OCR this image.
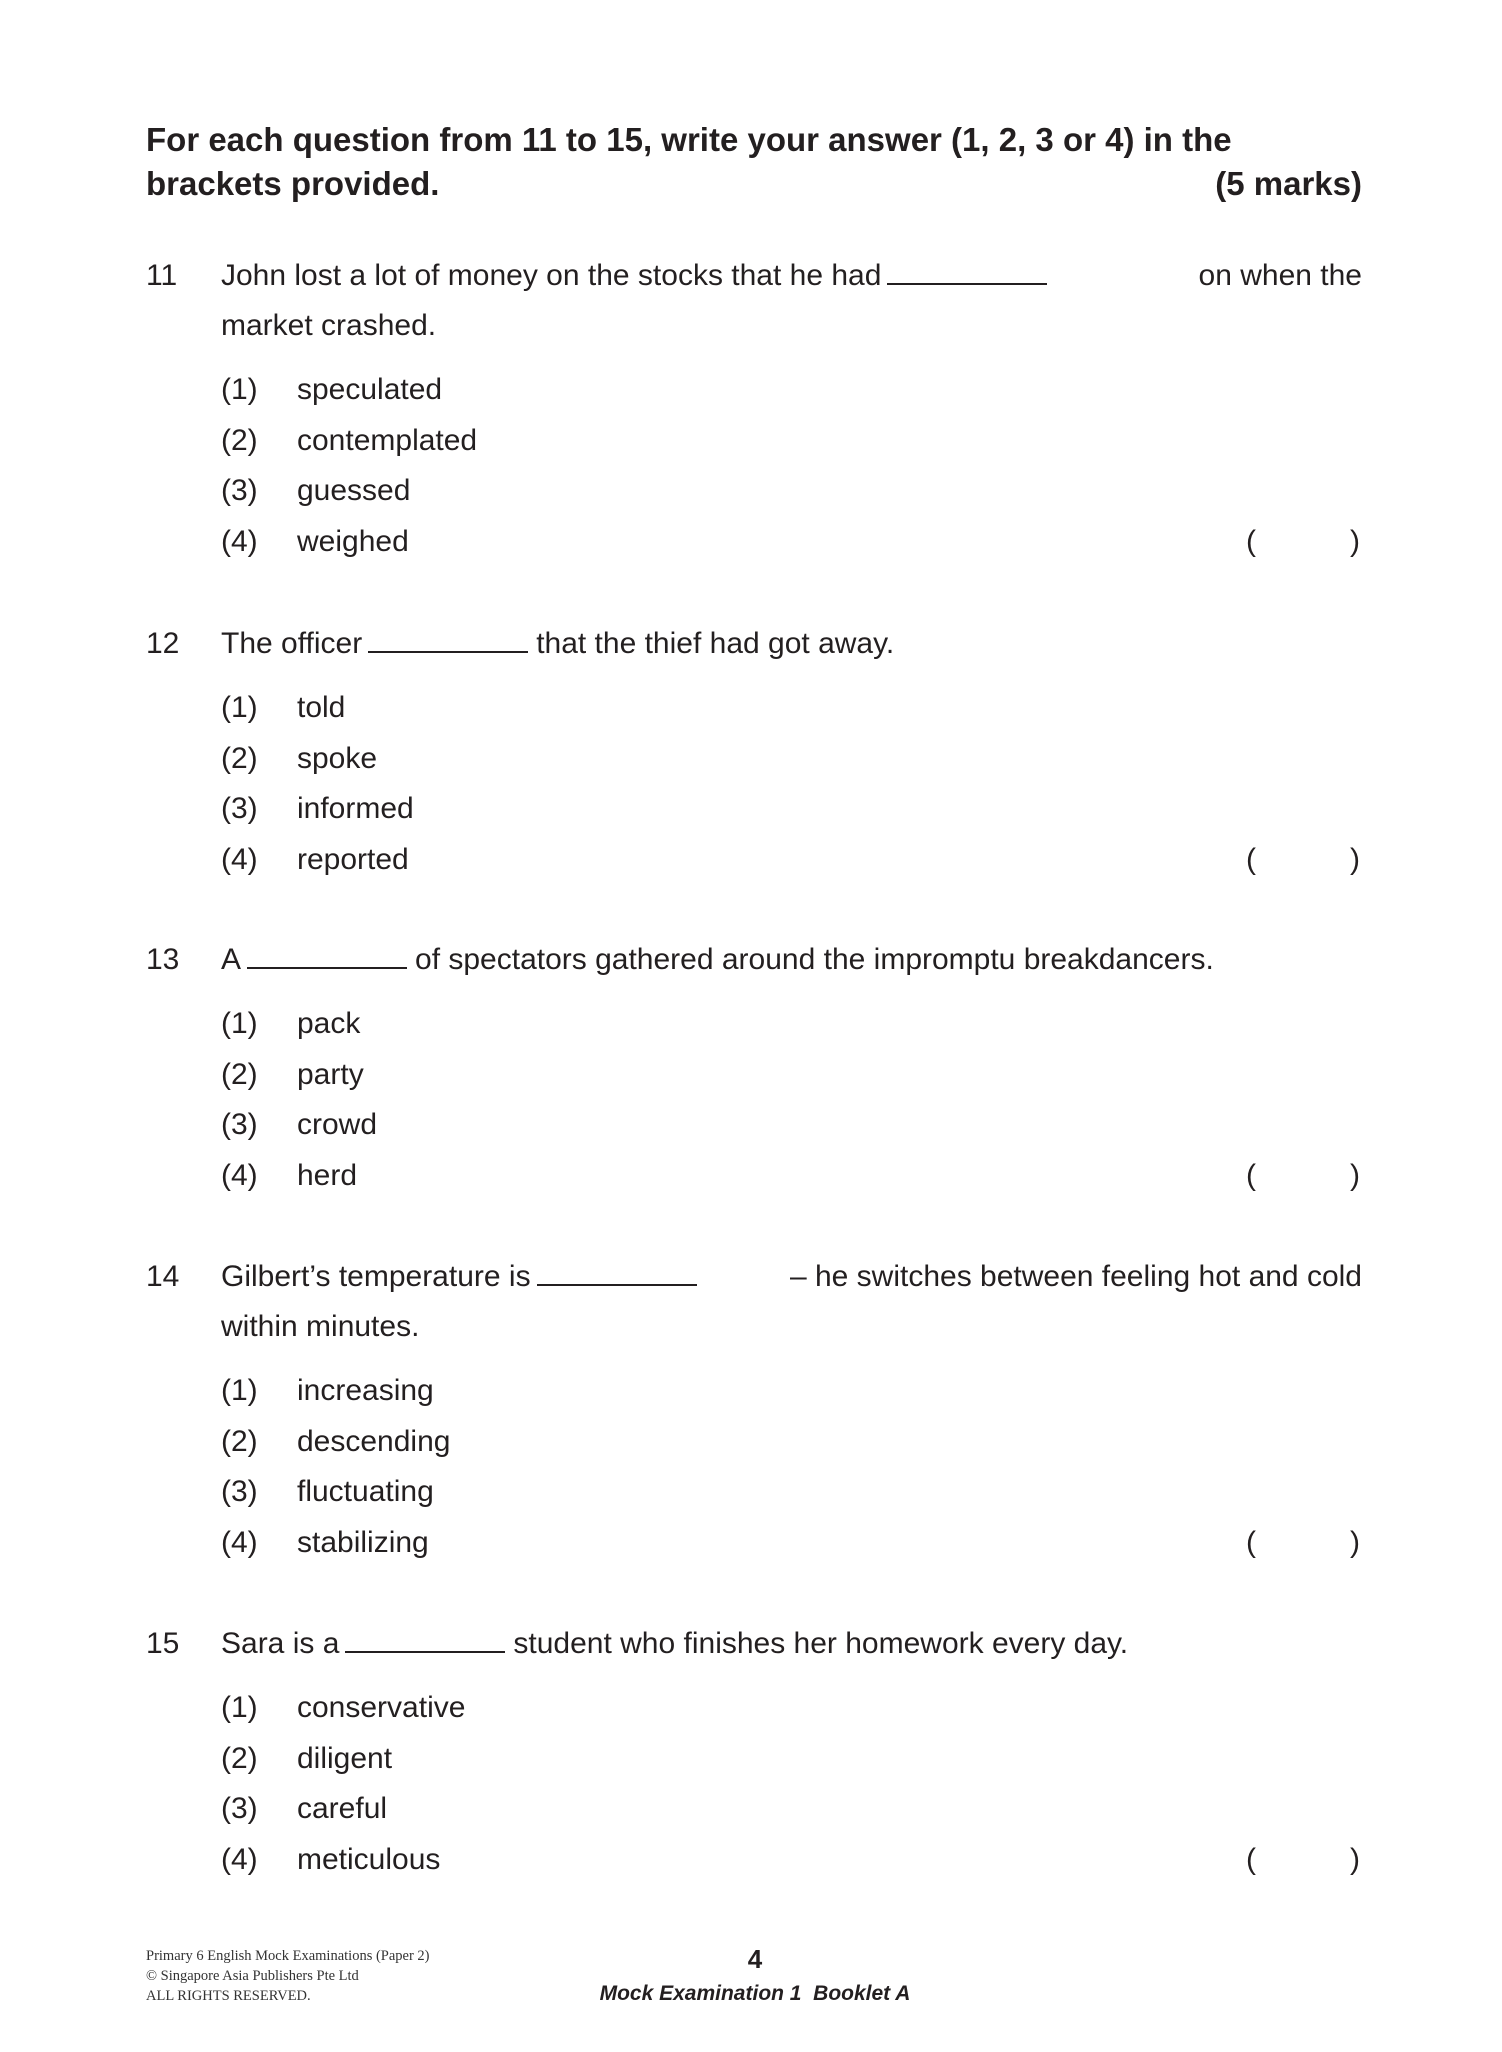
For each question from 11 to 15, write your answer (1, 2, 3 or 4) in the
brackets provided.	(5 marks)
11 John lost a lot of money on the stocks that he had	on when the
market crashed.
(1) speculated
(2) contemplated
(3) guessed
(4) weighed	(	)
12 The officer	that the thief had got away.
(1) told
(2) spoke
(3) informed
(4) reported	(	)
13 A	of spectators gathered around the impromptu breakdancers.
(1) pack
(2) party
(3) crowd
(4) herd	(	)
14 Gilbert’s temperature is	– he switches between feeling hot and cold
within minutes.
(1) increasing
(2) descending
(3) fluctuating
(4) stabilizing	(	)
15 Sara is a	student who finishes her homework every day.
(1) conservative
(2) diligent
(3) careful
(4) meticulous	(	)
Primary 6 English Mock Examinations (Paper 2)
© Singapore Asia Publishers Pte Ltd
ALL RIGHTS RESERVED.
4
Mock Examination 1  Booklet A
